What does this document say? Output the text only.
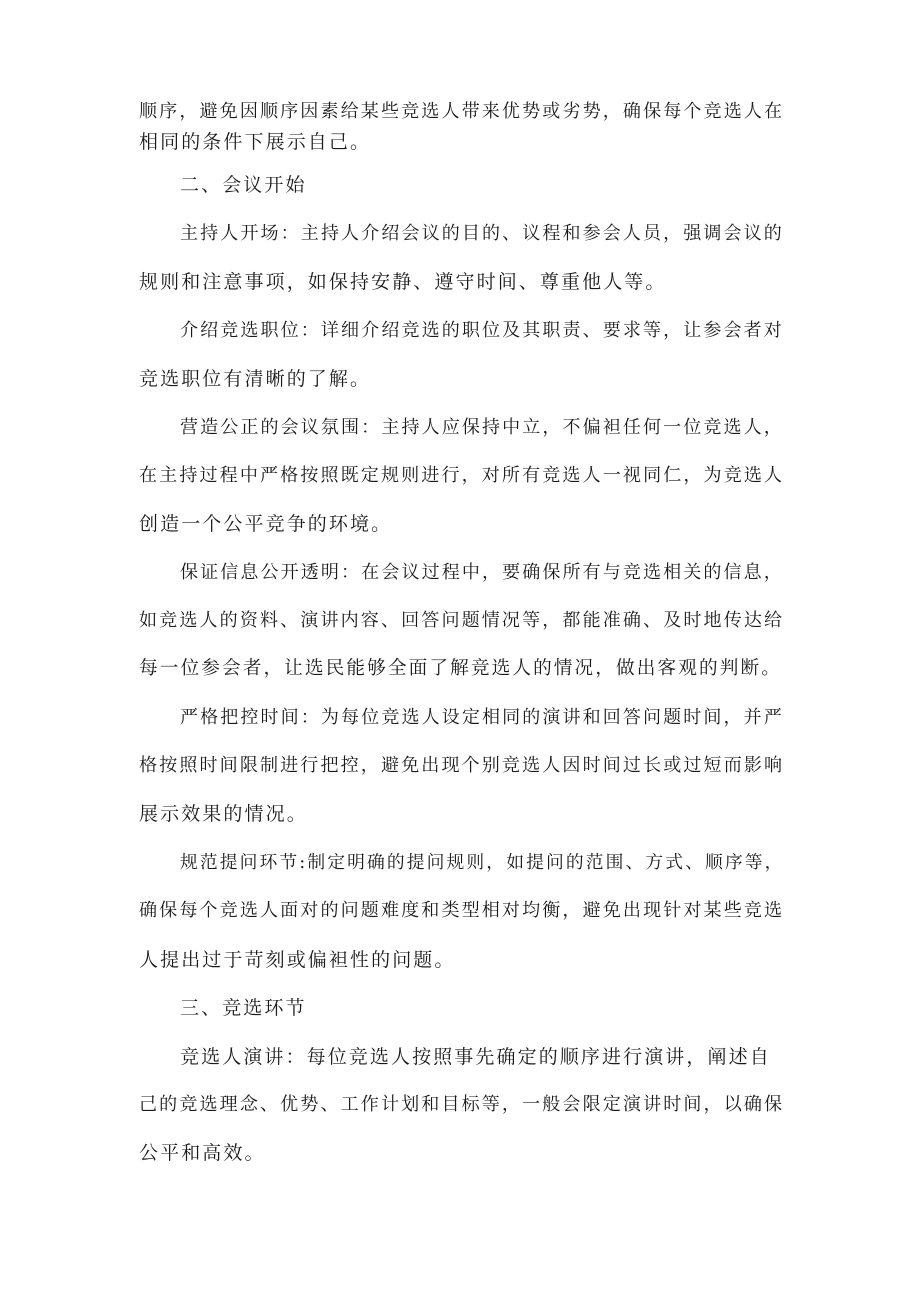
顺序，避免因顺序因素给某些竞选人带来优势或劣势，确保每个竞选人在
相同的条件下展示自己。
二、会议开始
主持人开场：主持人介绍会议的目的、议程和参会人员，强调会议的
规则和注意事项，如保持安静、遵守时间、尊重他人等。
介绍竞选职位：详细介绍竞选的职位及其职责、要求等，让参会者对
竞选职位有清晰的了解。
营造公正的会议氛围：主持人应保持中立，不偏袒任何一位竞选人，
在主持过程中严格按照既定规则进行，对所有竞选人一视同仁，为竞选人
创造一个公平竞争的环境。
保证信息公开透明：在会议过程中，要确保所有与竞选相关的信息，
如竞选人的资料、演讲内容、回答问题情况等，都能准确、及时地传达给
每一位参会者，让选民能够全面了解竞选人的情况，做出客观的判断。
严格把控时间：为每位竞选人设定相同的演讲和回答问题时间，并严
格按照时间限制进行把控，避免出现个别竞选人因时间过长或过短而影响
展示效果的情况。
规范提问环节:制定明确的提问规则，如提问的范围、方式、顺序等，
确保每个竞选人面对的问题难度和类型相对均衡，避免出现针对某些竞选
人提出过于苛刻或偏袒性的问题。
三、竞选环节
竞选人演讲：每位竞选人按照事先确定的顺序进行演讲，阐述自
己的竞选理念、优势、工作计划和目标等，一般会限定演讲时间，以确保
公平和高效。
